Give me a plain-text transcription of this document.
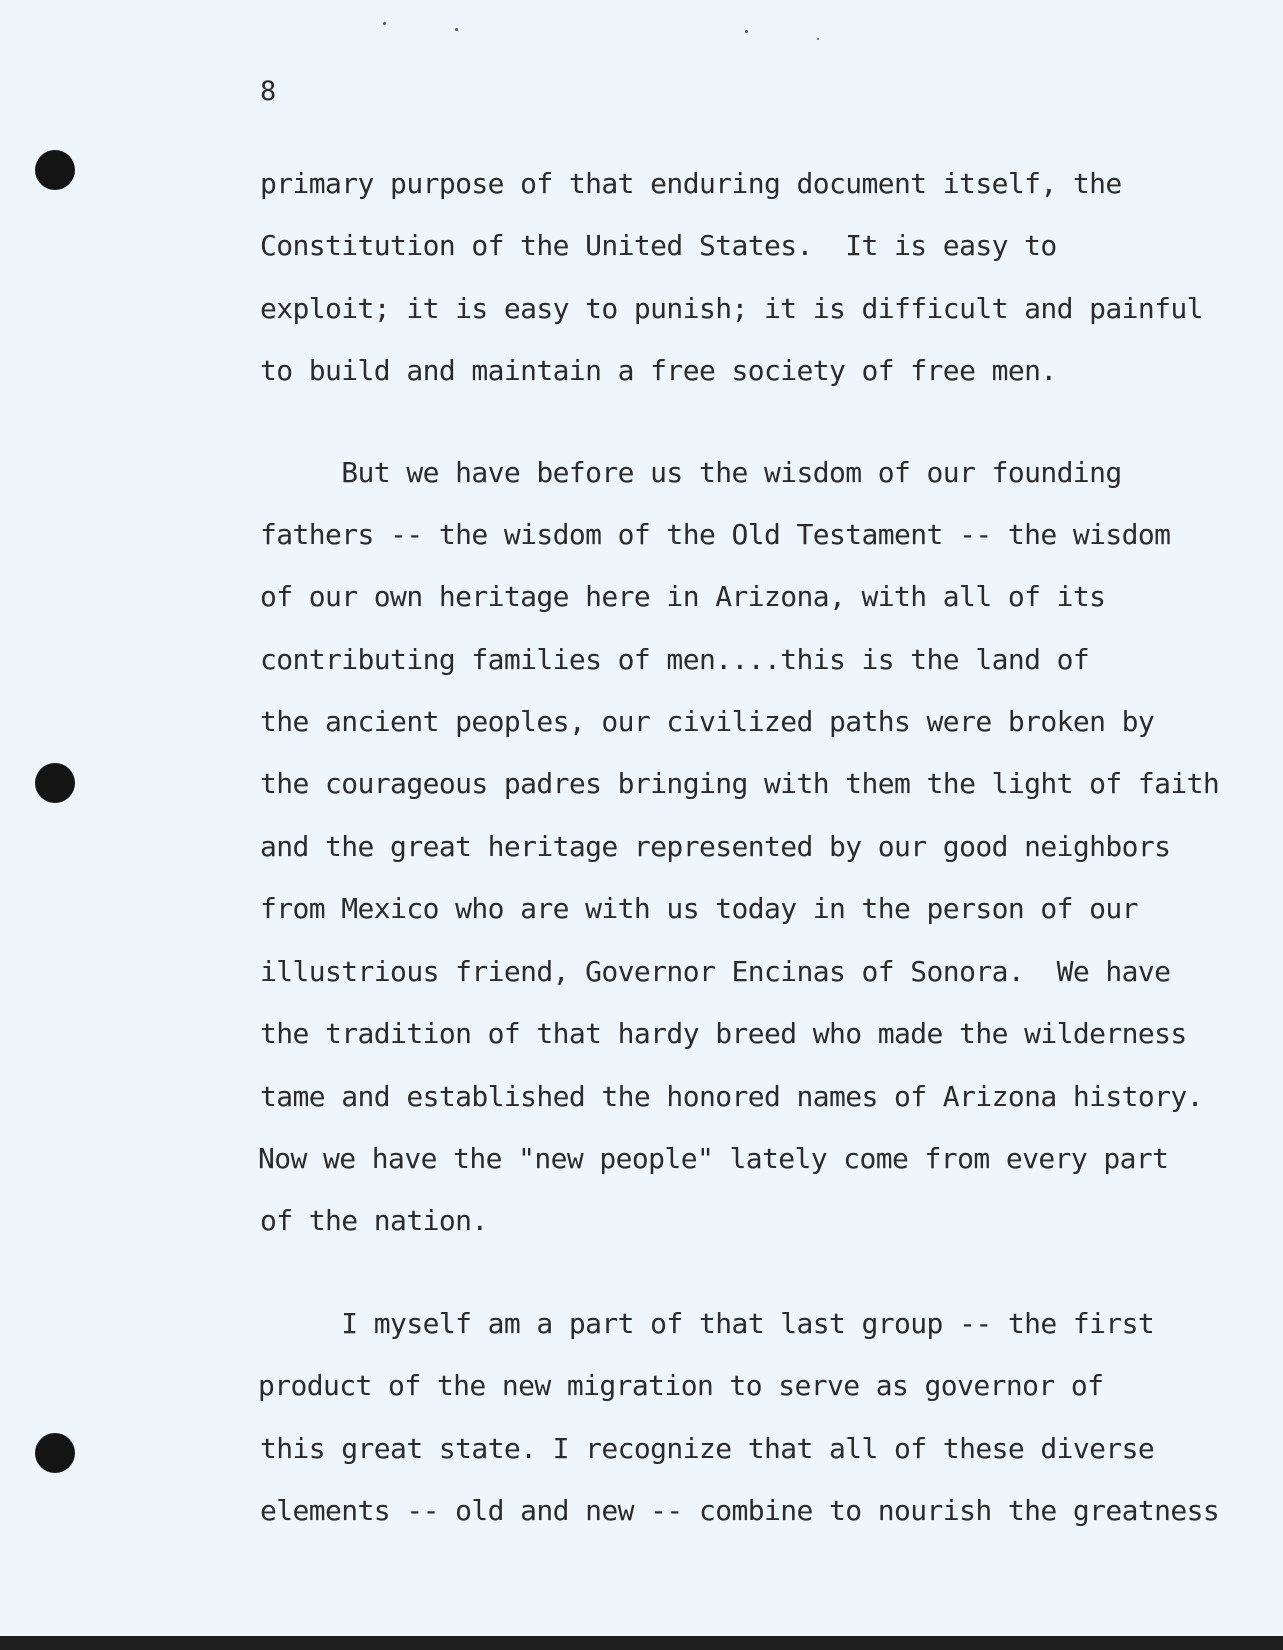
8
primary purpose of that enduring document itself, the
Constitution of the United States.  It is easy to
exploit; it is easy to punish; it is difficult and painful
to build and maintain a free society of free men.
But we have before us the wisdom of our founding
fathers -- the wisdom of the Old Testament -- the wisdom
of our own heritage here in Arizona, with all of its
contributing families of men....this is the land of
the ancient peoples, our civilized paths were broken by
the courageous padres bringing with them the light of faith
and the great heritage represented by our good neighbors
from Mexico who are with us today in the person of our
illustrious friend, Governor Encinas of Sonora.  We have
the tradition of that hardy breed who made the wilderness
tame and established the honored names of Arizona history.
Now we have the "new people" lately come from every part
of the nation.
I myself am a part of that last group -- the first
product of the new migration to serve as governor of
this great state. I recognize that all of these diverse
elements -- old and new -- combine to nourish the greatness
